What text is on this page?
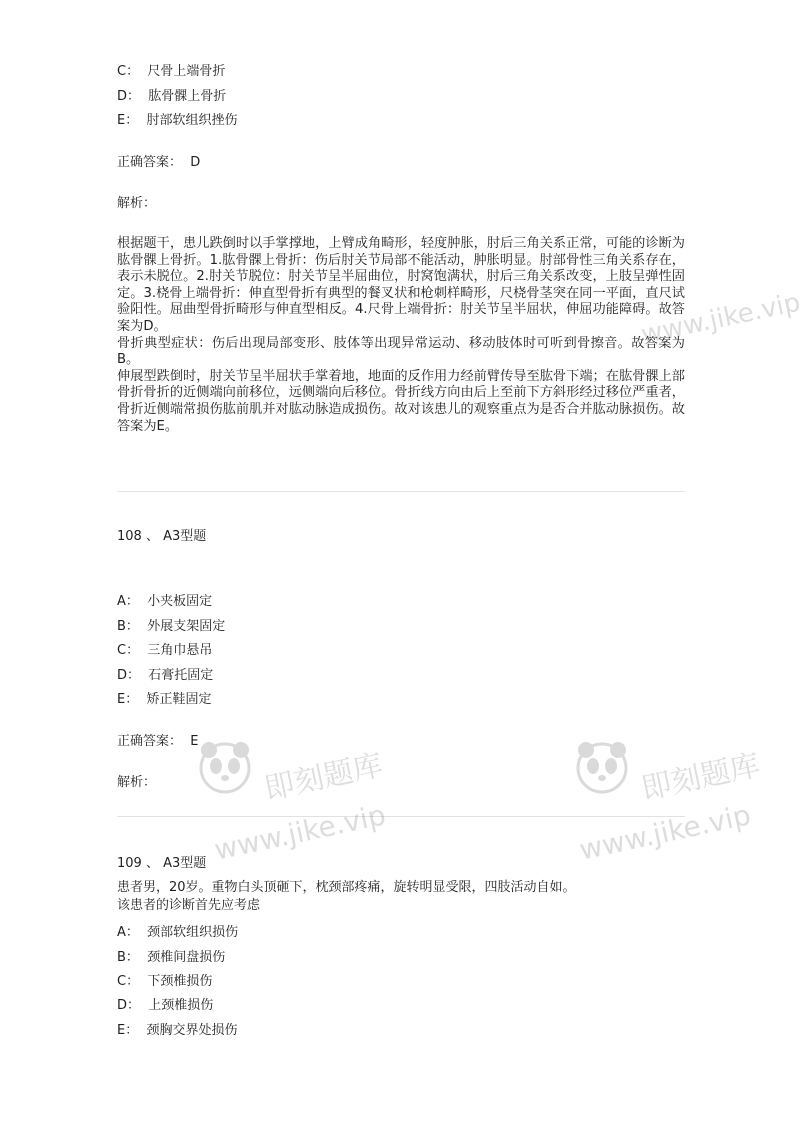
C： 尺骨上端骨折
D： 肱骨髁上骨折
E： 肘部软组织挫伤
正确答案： D
解析：

根据题干，患儿跌倒时以手掌撑地，上臂成角畸形，轻度肿胀，肘后三角关系正常，可能的诊断为肱骨髁上骨折。1.肱骨髁上骨折：伤后肘关节局部不能活动，肿胀明显。肘部骨性三角关系存在，表示未脱位。2.肘关节脱位：肘关节呈半屈曲位，肘窝饱满状，肘后三角关系改变，上肢呈弹性固定。3.桡骨上端骨折：伸直型骨折有典型的餐叉状和枪刺样畸形，尺桡骨茎突在同一平面，直尺试验阳性。屈曲型骨折畸形与伸直型相反。4.尺骨上端骨折：肘关节呈半屈状，伸屈功能障碍。故答案为D。

骨折典型症状：伤后出现局部变形、肢体等出现异常运动、移动肢体时可听到骨擦音。故答案为B。

伸展型跌倒时，肘关节呈半屈状手掌着地，地面的反作用力经前臂传导至肱骨下端；在肱骨髁上部骨折骨折的近侧端向前移位，远侧端向后移位。骨折线方向由后上至前下方斜形经过移位严重者，骨折近侧端常损伤肱前肌并对肱动脉造成损伤。故对该患儿的观察重点为是否合并肱动脉损伤。故答案为E。

108 、 A3型题
A： 小夹板固定
B： 外展支架固定
C： 三角巾悬吊
D： 石膏托固定
E： 矫正鞋固定
正确答案： E
解析：
109 、 A3型题
患者男，20岁。重物白头顶砸下，枕颈部疼痛，旋转明显受限，四肢活动自如。
该患者的诊断首先应考虑
A： 颈部软组织损伤
B： 颈椎间盘损伤
C： 下颈椎损伤
D： 上颈椎损伤
E： 颈胸交界处损伤
即刻题库
www.jike.vip
即刻题库
www.jike.vip
www.jike.vip
